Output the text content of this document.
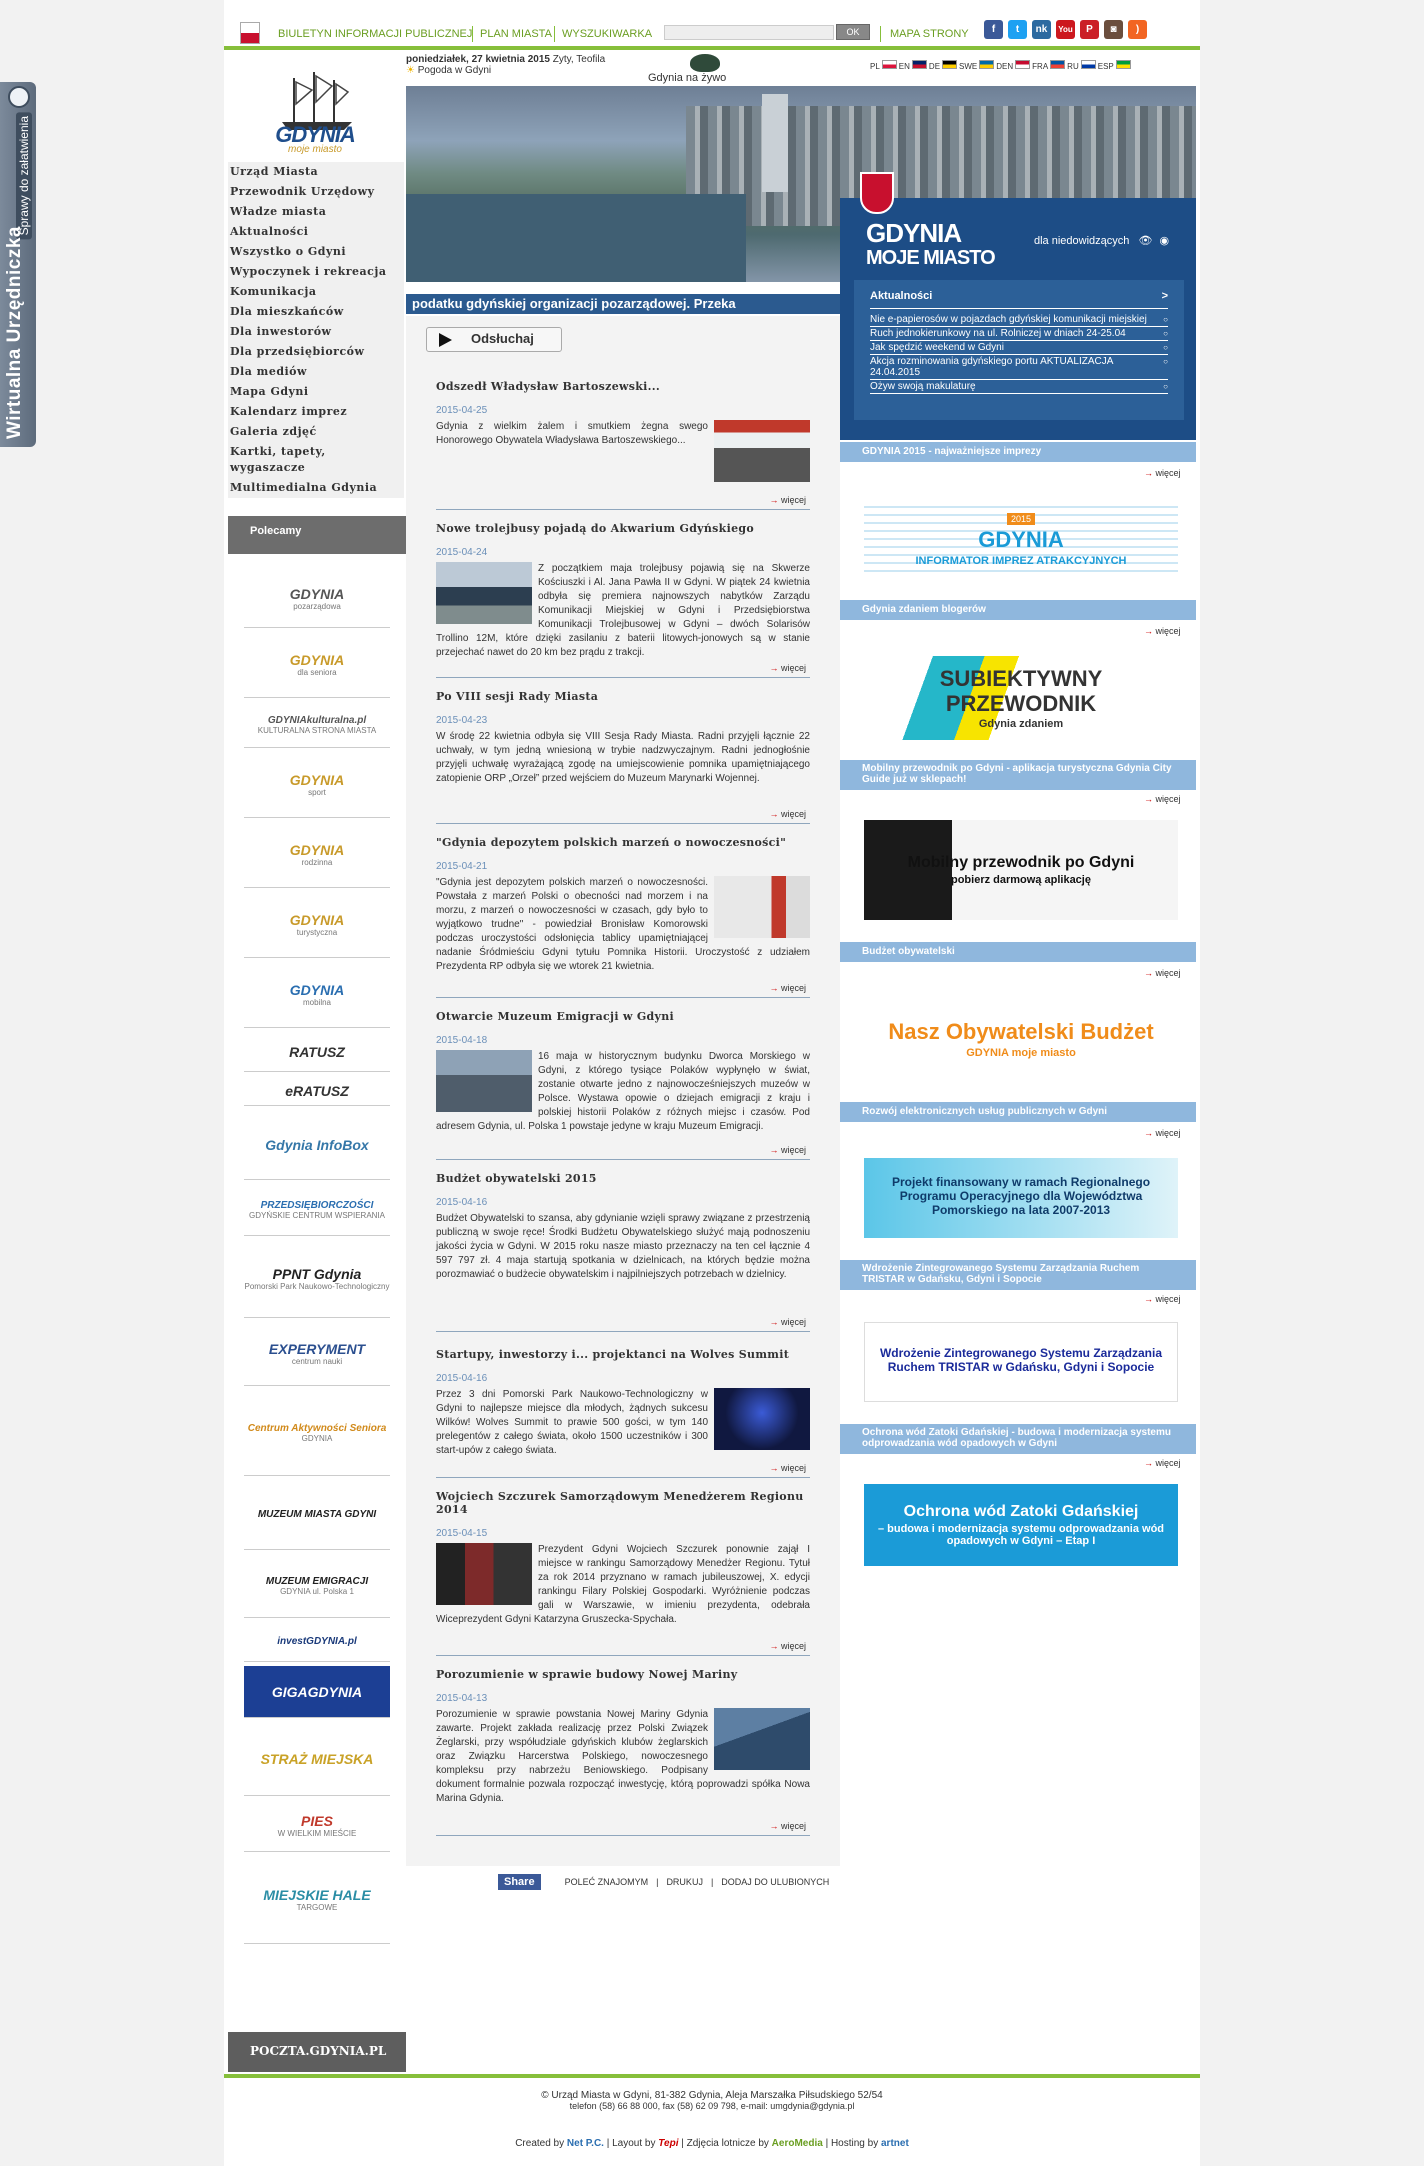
Sprawy do załatwienia
Wirtualna Urzędniczka
BIULETYN INFORMACJI PUBLICZNEJ PLAN MIASTA WYSZUKIWARKA	OK	MAPA STRONY	f	t	nk	You	P	◙	)
GDYNIA
moje miasto
Urząd Miasta
Przewodnik Urzędowy
Władze miasta
Aktualności
Wszystko o Gdyni
Wypoczynek i rekreacja
Komunikacja
Dla mieszkańców
Dla inwestorów
Dla przedsiębiorców
Dla mediów
Mapa Gdyni
Kalendarz imprez
Galeria zdjęć
Kartki, tapety, wygaszacze
Multimedialna Gdynia
Polecamy
GDYNIA
pozarządowa
GDYNIA
dla seniora
GDYNIAkulturalna.pl
KULTURALNA STRONA MIASTA
GDYNIA
sport
GDYNIA
rodzinna
GDYNIA
turystyczna
GDYNIA
mobilna
RATUSZ
eRATUSZ
Gdynia InfoBox
PRZEDSIĘBIORCZOŚCI
GDYŃSKIE CENTRUM WSPIERANIA
PPNT Gdynia
Pomorski Park Naukowo-Technologiczny
EXPERYMENT
centrum nauki
Centrum Aktywności Seniora
GDYNIA
MUZEUM MIASTA GDYNI
MUZEUM EMIGRACJI
GDYNIA ul. Polska 1
investGDYNIA.pl
GIGAGDYNIA
STRAŻ MIEJSKA
PIES
W WIELKIM MIEŚCIE
MIEJSKIE HALE
TARGOWE
POCZTA.GDYNIA.PL
poniedziałek, 27 kwietnia 2015 Zyty, Teofila
☀ Pogoda w Gdyni
Gdynia na żywo
PL	EN	DE	SWE	DEN	FRA	RU	ESP
podatku gdyńskiej organizacji pozarządowej. Przeka
Odsłuchaj
Odszedł Władysław Bartoszewski...
2015-04-25

Gdynia z wielkim żalem i smutkiem żegna swego Honorowego Obywatela Władysława Bartoszewskiego...

→ więcej
Nowe trolejbusy pojadą do Akwarium Gdyńskiego
2015-04-24

Z początkiem maja trolejbusy pojawią się na Skwerze Kościuszki i Al. Jana Pawła II w Gdyni. W piątek 24 kwietnia odbyła się premiera najnowszych nabytków Zarządu Komunikacji Miejskiej w Gdyni i Przedsiębiorstwa Komunikacji Trolejbusowej w Gdyni – dwóch Solarisów Trollino 12M, które dzięki zasilaniu z baterii litowych-jonowych są w stanie przejechać nawet do 20 km bez prądu z trakcji.

→ więcej
Po VIII sesji Rady Miasta
2015-04-23

W środę 22 kwietnia odbyła się VIII Sesja Rady Miasta. Radni przyjęli łącznie 22 uchwały, w tym jedną wniesioną w trybie nadzwyczajnym. Radni jednogłośnie przyjęli uchwałę wyrażającą zgodę na umiejscowienie pomnika upamiętniającego zatopienie ORP „Orzeł” przed wejściem do Muzeum Marynarki Wojennej.

→ więcej
"Gdynia depozytem polskich marzeń o nowoczesności"
2015-04-21

"Gdynia jest depozytem polskich marzeń o nowoczesności. Powstała z marzeń Polski o obecności nad morzem i na morzu, z marzeń o nowoczesności w czasach, gdy było to wyjątkowo trudne" - powiedział Bronisław Komorowski podczas uroczystości odsłonięcia tablicy upamiętniającej nadanie Śródmieściu Gdyni tytułu Pomnika Historii. Uroczystość z udziałem Prezydenta RP odbyła się we wtorek 21 kwietnia.

→ więcej
Otwarcie Muzeum Emigracji w Gdyni
2015-04-18

16 maja w historycznym budynku Dworca Morskiego w Gdyni, z którego tysiące Polaków wypłynęło w świat, zostanie otwarte jedno z najnowocześniejszych muzeów w Polsce. Wystawa opowie o dziejach emigracji z kraju i polskiej historii Polaków z różnych miejsc i czasów. Pod adresem Gdynia, ul. Polska 1 powstaje jedyne w kraju Muzeum Emigracji.

→ więcej
Budżet obywatelski 2015
2015-04-16

Budżet Obywatelski to szansa, aby gdynianie wzięli sprawy związane z przestrzenią publiczną w swoje ręce! Środki Budżetu Obywatelskiego służyć mają podnoszeniu jakości życia w Gdyni. W 2015 roku nasze miasto przeznaczy na ten cel łącznie 4 597 797 zł. 4 maja startują spotkania w dzielnicach, na których będzie można porozmawiać o budżecie obywatelskim i najpilniejszych potrzebach w dzielnicy.

→ więcej
Startupy, inwestorzy i... projektanci na Wolves Summit
2015-04-16

Przez 3 dni Pomorski Park Naukowo-Technologiczny w Gdyni to najlepsze miejsce dla młodych, żądnych sukcesu Wilków! Wolves Summit to prawie 500 gości, w tym 140 prelegentów z całego świata, około 1500 uczestników i 300 start-upów z całego świata.

→ więcej
Wojciech Szczurek Samorządowym Menedżerem Regionu 2014
2015-04-15

Prezydent Gdyni Wojciech Szczurek ponownie zajął I miejsce w rankingu Samorządowy Menedżer Regionu. Tytuł za rok 2014 przyznano w ramach jubileuszowej, X. edycji rankingu Filary Polskiej Gospodarki. Wyróżnienie podczas gali w Warszawie, w imieniu prezydenta, odebrała Wiceprezydent Gdyni Katarzyna Gruszecka-Spychała.

→ więcej
Porozumienie w sprawie budowy Nowej Mariny
2015-04-13

Porozumienie w sprawie powstania Nowej Mariny Gdynia zawarte. Projekt zakłada realizację przez Polski Związek Żeglarski, przy współudziale gdyńskich klubów żeglarskich oraz Związku Harcerstwa Polskiego, nowoczesnego kompleksu przy nabrzeżu Beniowskiego. Podpisany dokument formalnie pozwala rozpocząć inwestycję, którą poprowadzi spółka Nowa Marina Gdynia.

→ więcej
Share	POLEĆ ZNAJOMYM | DRUKUJ | DODAJ DO ULUBIONYCH
GDYNIA
MOJE MIASTO
dla niedowidzących 👁 ◉
Aktualności	>
Nie e-papierosów w pojazdach gdyńskiej komunikacji miejskiej ○
Ruch jednokierunkowy na ul. Rolniczej w dniach 24-25.04 ○
Jak spędzić weekend w Gdyni ○
Akcja rozminowania gdyńskiego portu AKTUALIZACJA 24.04.2015 ○
Ożyw swoją makulaturę ○
GDYNIA 2015 - najważniejsze imprezy
→ więcej
2015
GDYNIA
INFORMATOR IMPREZ ATRAKCYJNYCH
Gdynia zdaniem blogerów
→ więcej
SUBIEKTYWNY PRZEWODNIK
Gdynia zdaniem
Mobilny przewodnik po Gdyni - aplikacja turystyczna Gdynia City Guide już w sklepach!
→ więcej
Mobilny przewodnik po Gdyni
pobierz darmową aplikację
Budżet obywatelski
→ więcej
Nasz Obywatelski Budżet
GDYNIA moje miasto
Rozwój elektronicznych usług publicznych w Gdyni
→ więcej
Projekt finansowany w ramach Regionalnego Programu Operacyjnego dla Województwa Pomorskiego na lata 2007-2013
Wdrożenie Zintegrowanego Systemu Zarządzania Ruchem TRISTAR w Gdańsku, Gdyni i Sopocie
→ więcej
Wdrożenie Zintegrowanego Systemu Zarządzania Ruchem TRISTAR w Gdańsku, Gdyni i Sopocie
Ochrona wód Zatoki Gdańskiej - budowa i modernizacja systemu odprowadzania wód opadowych w Gdyni
→ więcej
Ochrona wód Zatoki Gdańskiej
– budowa i modernizacja systemu odprowadzania wód opadowych w Gdyni – Etap I
© Urząd Miasta w Gdyni, 81-382 Gdynia, Aleja Marszałka Piłsudskiego 52/54
telefon (58) 66 88 000, fax (58) 62 09 798, e-mail: umgdynia@gdynia.pl
Created by Net P.C. | Layout by Tepi | Zdjęcia lotnicze by AeroMedia | Hosting by artnet
